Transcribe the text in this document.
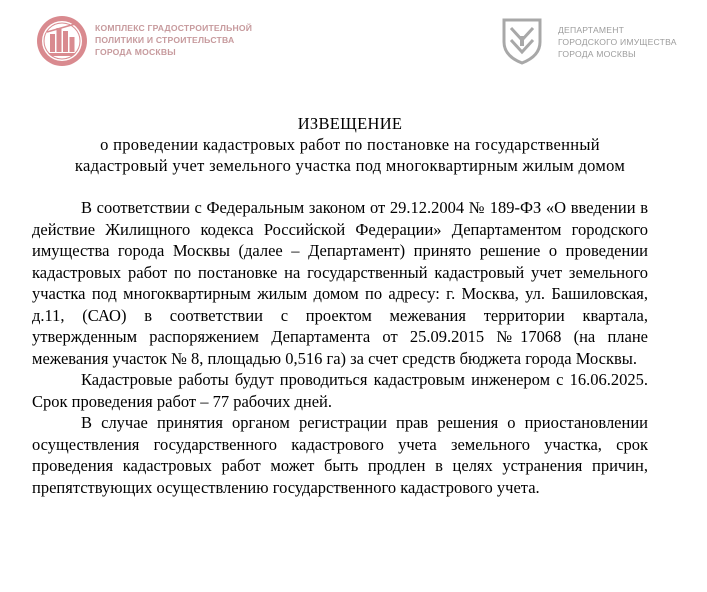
КОМПЛЕКС ГРАДОСТРОИТЕЛЬНОЙ
ПОЛИТИКИ И СТРОИТЕЛЬСТВА
ГОРОДА МОСКВЫ
ДЕПАРТАМЕНТ
ГОРОДСКОГО ИМУЩЕСТВА
ГОРОДА МОСКВЫ
ИЗВЕЩЕНИЕ
о проведении кадастровых работ по постановке на государственный
кадастровый учет земельного участка под многоквартирным жилым домом

В соответствии с Федеральным законом от 29.12.2004 № 189-ФЗ «О введении в действие Жилищного кодекса Российской Федерации» Департаментом городского имущества города Москвы (далее – Департамент) принято решение о проведении кадастровых работ по постановке на государственный кадастровый учет земельного участка под многоквартирным жилым домом по адресу: г. Москва, ул. Башиловская, д.11, (САО) в соответствии с проектом межевания территории квартала, утвержденным распоряжением Департамента от 25.09.2015 №17068 (на плане межевания участок № 8, площадью 0,516 га) за счет средств бюджета города Москвы.

Кадастровые работы будут проводиться кадастровым инженером с 16.06.2025. Срок проведения работ – 77 рабочих дней.

В случае принятия органом регистрации прав решения о приостановлении осуществления государственного кадастрового учета земельного участка, срок проведения кадастровых работ может быть продлен в целях устранения причин, препятствующих осуществлению государственного кадастрового учета.
